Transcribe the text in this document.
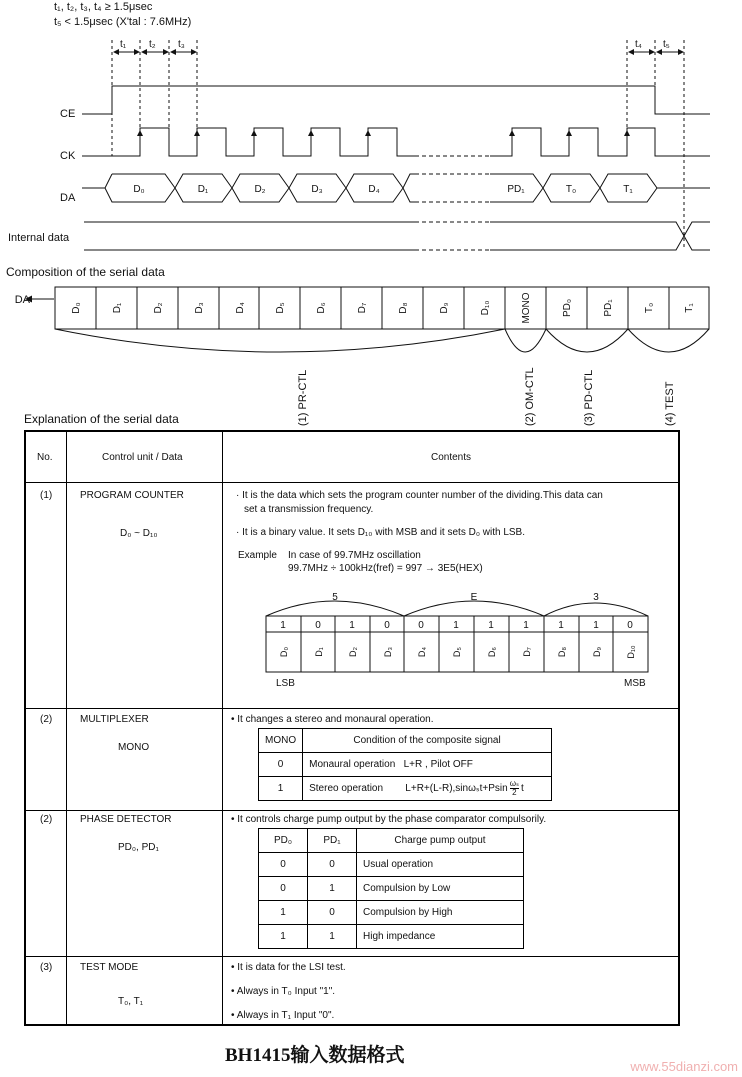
t₁, t₂, t₃, t₄ ≥ 1.5μsec
t₅ < 1.5μsec (X'tal : 7.6MHz)
t₁ t₂ t₃	t₄ t₅
CE
CK
DA
Internal data
D₀	D₁	D₂	D₃	D₄	PD₁	T₀	T₁
Composition of the serial data
DA
D₀	D₁	D₂	D₃	D₄	D₅	D₆	D₇	D₈	D₉	D₁₀	MONO	PD₀	PD₁	T₀	T₁
(1) PR-CTL	(2) OM-CTL	(3) PD-CTL	(4) TEST
Explanation of the serial data
No.	Control unit / Data	Contents
(1)	PROGRAM COUNTER
D₀ ~ D₁₀
· It is the data which sets the program counter number of the dividing.This data can
set a transmission frequency.
· It is a binary value. It sets D₁₀ with MSB and it sets D₀ with LSB.
Example In case of 99.7MHz oscillation
99.7MHz ÷ 100kHz(fref) = 997 → 3E5(HEX)
5	E	3
1	0	1	0	0	1	1	1	1	1	0
D₀	D₁	D₂	D₃	D₄	D₅	D₆	D₇	D₈	D₉	D₁₀
LSB	MSB
(2)	MULTIPLEXER
MONO
• It changes a stereo and monaural operation.
MONO	Condition of the composite signal
0	Monaural operation L+R , Pilot OFF
1	Stereo operation $L+R+(L-R),\sin\omega_st+Psin \frac{\text{ωₛ}}{2}$ t
(2)	PHASE DETECTOR
PD₀, PD₁
• It controls charge pump output by the phase comparator compulsorily.
PD₀	PD₁	Charge pump output
0	0	Usual operation
0	1	Compulsion by Low
1	0	Compulsion by High
1	1	High impedance
(3)	TEST MODE
T₀, T₁
• It is data for the LSI test.
• Always in T₀ Input "1".
• Always in T₁ Input "0".
BH1415输入数据格式
www.55dianzi.com
